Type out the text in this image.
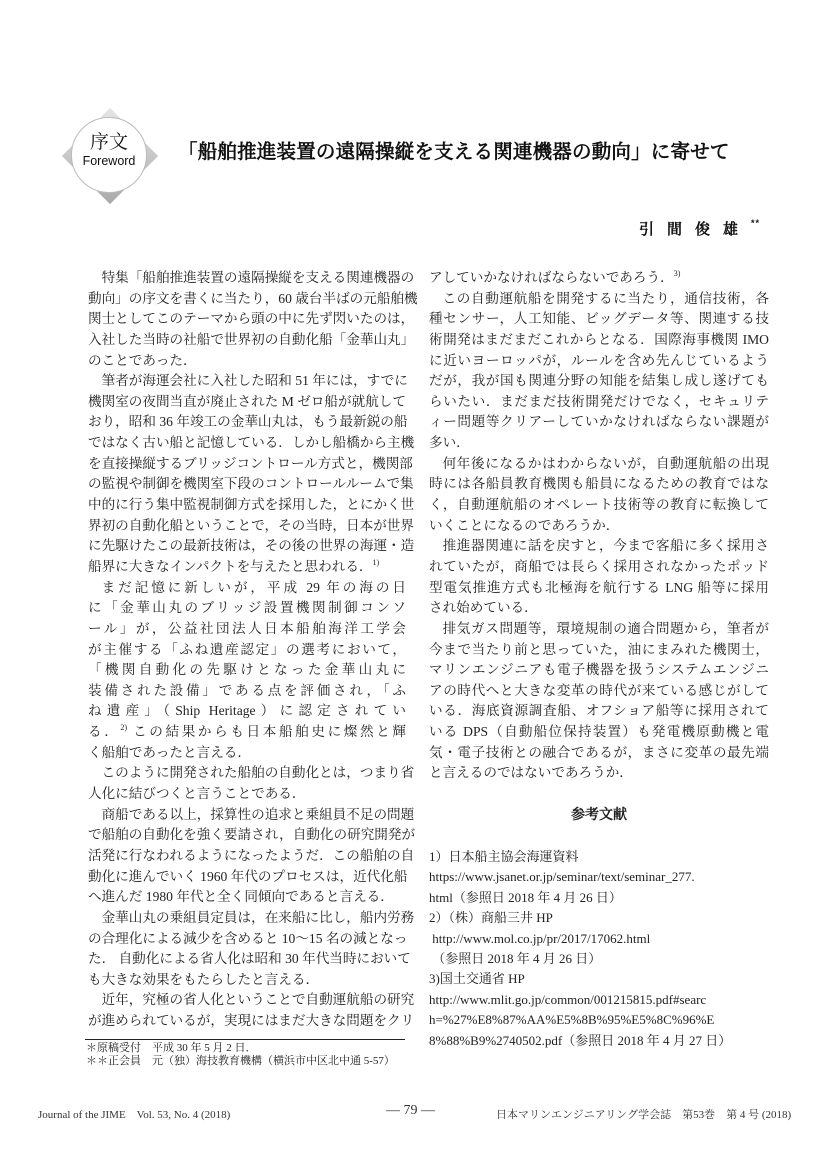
序文
Foreword	「船舶推進装置の遠隔操縦を支える関連機器の動向」に寄せて
引間俊雄**
特集「船舶推進装置の遠隔操縦を支える関連機器の
動向」の序文を書くに当たり，60 歳台半ばの元船舶機
関士としてこのテーマから頭の中に先ず閃いたのは，
入社した当時の社船で世界初の自動化船「金華山丸」
のことであった．
筆者が海運会社に入社した昭和 51 年には，すでに
機関室の夜間当直が廃止された M ゼロ船が就航して
おり，昭和 36 年竣工の金華山丸は，もう最新鋭の船
ではなく古い船と記憶している．しかし船橋から主機
を直接操縦するブリッジコントロール方式と，機関部
の監視や制御を機関室下段のコントロールルームで集
中的に行う集中監視制御方式を採用した，とにかく世
界初の自動化船ということで，その当時，日本が世界
に先駆けたこの最新技術は，その後の世界の海運・造
船界に大きなインパクトを与えたと思われる．$^{1)}$
まだ記憶に新しいが，平成 29 年の海の日
に「金華山丸のブリッジ設置機関制御コンソ
ール」が，公益社団法人日本船舶海洋工学会
が主催する「ふね遺産認定」の選考において，
「機関自動化の先駆けとなった金華山丸に
装備された設備」である点を評価され，「ふ
ね遺産」（Ship Heritage）に認定されてい
る．$^{2)}$ この結果からも日本船舶史に燦然と輝
く船舶であったと言える．
このように開発された船舶の自動化とは，つまり省
人化に結びつくと言うことである．
商船である以上，採算性の追求と乗組員不足の問題
で船舶の自動化を強く要請され，自動化の研究開発が
活発に行なわれるようになったようだ．この船舶の自
動化に進んでいく 1960 年代のプロセスは，近代化船
へ進んだ 1980 年代と全く同傾向であると言える．
金華山丸の乗組員定員は，在来船に比し，船内労務
の合理化による減少を含めると 10〜15 名の減となっ
た． 自動化による省人化は昭和 30 年代当時において
も大きな効果をもたらしたと言える．
近年，究極の省人化ということで自動運航船の研究
が進められているが，実現にはまだ大きな問題をクリ
アしていかなければならないであろう．$^{3)}$
この自動運航船を開発するに当たり，通信技術，各
種センサー，人工知能、ビッグデータ等、関連する技
術開発はまだまだこれからとなる．国際海事機関 IMO
に近いヨーロッパが，ルールを含め先んじているよう
だが，我が国も関連分野の知能を結集し成し遂げても
らいたい．まだまだ技術開発だけでなく，セキュリテ
ィー問題等クリアーしていかなければならない課題が
多い．
何年後になるかはわからないが，自動運航船の出現
時には各船員教育機関も船員になるための教育ではな
く，自動運航船のオペレート技術等の教育に転換して
いくことになるのであろうか．
推進器関連に話を戻すと，今まで客船に多く採用さ
れていたが，商船では長らく採用されなかったポッド
型電気推進方式も北極海を航行する LNG 船等に採用
され始めている．
排気ガス問題等，環境規制の適合問題から，筆者が
今まで当たり前と思っていた，油にまみれた機関士，
マリンエンジニアも電子機器を扱うシステムエンジニ
アの時代へと大きな変革の時代が来ている感じがして
いる．海底資源調査船、オフショア船等に採用されて
いる DPS（自動船位保持装置）も発電機原動機と電
気・電子技術との融合であるが，まさに変革の最先端
と言えるのではないであろうか．
参考文献
1）日本船主協会海運資料
https://www.jsanet.or.jp/seminar/text/seminar_277.
html（参照日 2018 年 4 月 26 日）
2）（株）商船三井 HP
http://www.mol.co.jp/pr/2017/17062.html
（参照日 2018 年 4 月 26 日）
3)国土交通省 HP
http://www.mlit.go.jp/common/001215815.pdf#searc
h=%27%E8%87%AA%E5%8B%95%E5%8C%96%E
8%88%B9%2740502.pdf（参照日 2018 年 4 月 27 日）
＊原稿受付　平成 30 年 5 月 2 日．
＊＊正会員　元（独）海技教育機構（横浜市中区北中通 5-57）
Journal of the JIME　Vol. 53, No. 4 (2018)	— 79 —	日本マリンエンジニアリング学会誌　第53巻　第 4 号 (2018)
